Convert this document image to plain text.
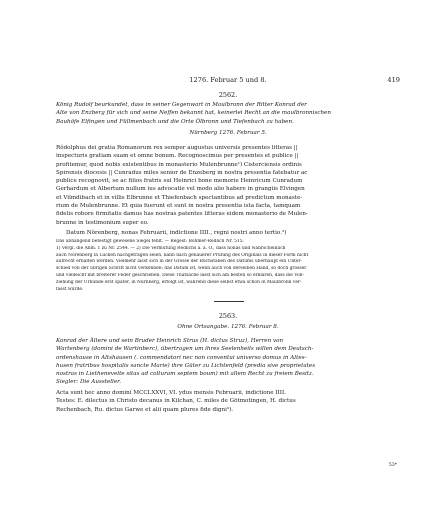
1276. Februar 5 und 8.	419
2562.
König Rudolf beurkundet, dass in seiner Gegenwart in Maulbronn der Ritter Konrad der
Alte von Enzberg für sich und seine Neffen bekannt hat, keinerlei Recht an die maulbronnischen
Bauhöfe Elfingen und Füllmenbach und die Orte Ölbronn und Tiefenbach zu haben.
Nürnberg 1276. Februar 5.
Rŏdolphus dei gratia Romanorum rex semper augustus universis presentes litteras ||
inspecturis gratiam suam et omne bonum. Recognoscimus per presentes et publice ||
profitemur, quod nobis existentibus in monasterio Mulenbrunne¹) Cisterciensis ordinis
Spirensis diocesis || Cunradus miles senior de Enzeberg in nostra presentia fatebatur ac
publice recognovit, se ac filios fratris sui Heinrici bone memorie Heinricum Cunradum
Gerhardum et Albertum nullum ius advocatie vel modo alio habere in grangiis Elvingen
et Vilmdibach et in villis Elbrunne et Thiefenbach spectantibus ad predictum monaste-
rium de Mulenbrunne. Et quia fuerunt et sunt in nostra presentia ista facta, tamquam
fidelis robore firmitatis damus has nostras patentes litteras eidem monasterio de Mulen-
brunne in testimonium super eo.
Datum Nŏrenberg, nonas Februarii, indictione IIII., regni nostri anno tertio.²)
Das abhangend befestigt gewesene Siegel fehlt. — Regest: Böhmer-Redlich Nr. 515.
1) Vergl. die Anm. 1 zu Nr. 2544. — 2) Die Vermutung Redlichs a. a. O., dass nonas und wahrscheinlich
auch Nŏrenberg in Lücken nachgetragen seien, kann nach genauerer Prüfung des Originals in dieser Form nicht
aufrecht erhalten werden. Vielmehr lässt sich in der Grösse der Buchstaben des Datums überhaupt ein Unter-
schied von der übrigen Schrift nicht verkennen: das Datum ist, wenn auch von derselben Hand, so doch grösser
und vielleicht mit breiterer Feder geschrieben. Diese Thatsache lässt sich am besten so erklären, dass die Voll-
ziehung der Urkunde erst später, in Nürnberg, erfolgt ist, während diese selbst etwa schon in Maulbronn ver-
fasst wurde.
2563.
Ohne Ortsangabe. 1276. Februar 8.
Konrad der Ältere und sein Bruder Heinrich Strus (H. dictus Struz), Herren von
Wartenberg (domini de Wartinberc), übertragen um ihres Seelenheils willen dem Deutsch-
ordenshause in Altshausen (. commendatori nec non conventui universo domus in Altes-
husen fratribus hospitalis sancte Marie) ihre Güter zu Lichtenfeld (predia sive proprietates
nostras in Liethenevelte sitas ad colturam septem boum) mit allem Recht zu freiem Besitz.
Siegler: Die Aussteller.
Acta sunt hec anno domini MCCLXXVI, VI. ydus mensis Februarii, indictione IIII.
Testes: E. dilectus in Christo decanus in Kilchan, C. miles de Götmotingen, H. dictus
Rechenbach, Ru. dictus Garwe et alii quam plures fide digni³).
53*
